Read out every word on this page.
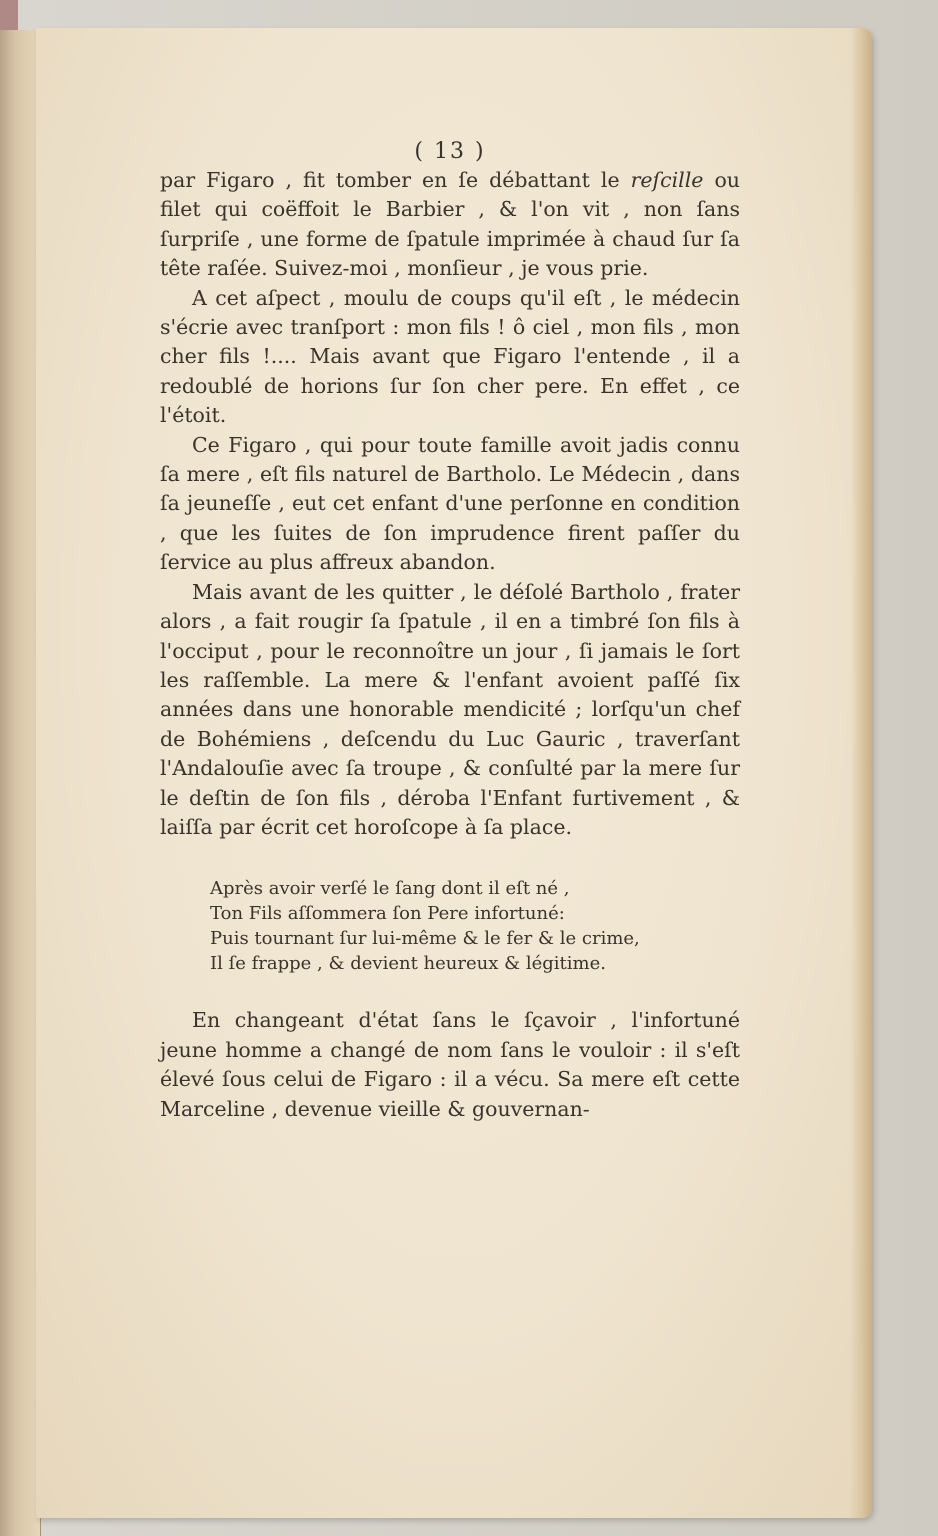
( 13 )

par Figaro , fit tomber en ſe débattant le reſcille ou filet qui coëffoit le Barbier , & l'on vit , non ſans ſurpriſe , une forme de ſpatule imprimée à chaud ſur ſa tête raſée. Suivez-moi , monſieur , je vous prie.

A cet aſpect , moulu de coups qu'il eſt , le médecin s'écrie avec tranſport : mon fils ! ô ciel , mon fils , mon cher fils !.... Mais avant que Figaro l'entende , il a redoublé de horions ſur ſon cher pere. En effet , ce l'étoit.

Ce Figaro , qui pour toute famille avoit jadis connu ſa mere , eſt fils naturel de Bartholo. Le Médecin , dans ſa jeuneſſe , eut cet enfant d'une perſonne en condition , que les ſuites de ſon imprudence firent paſſer du ſervice au plus affreux abandon.

Mais avant de les quitter , le déſolé Bartholo , frater alors , a fait rougir ſa ſpatule , il en a timbré ſon fils à l'occiput , pour le reconnoître un jour , ſi jamais le ſort les raſſemble. La mere & l'enfant avoient paſſé ſix années dans une honorable mendicité ; lorſqu'un chef de Bohémiens , deſcendu du Luc Gauric , traverſant l'Andalouſie avec ſa troupe , & conſulté par la mere ſur le deſtin de ſon fils , déroba l'Enfant furtivement , & laiſſa par écrit cet horoſcope à ſa place.

Après avoir verſé le ſang dont il eſt né ,
Ton Fils aſſommera ſon Pere infortuné:
Puis tournant ſur lui-même & le fer & le crime,
Il ſe frappe , & devient heureux & légitime.

En changeant d'état ſans le ſçavoir , l'infortuné jeune homme a changé de nom ſans le vouloir : il s'eſt élevé ſous celui de Figaro : il a vécu. Sa mere eſt cette Marceline , devenue vieille & gouvernan-
